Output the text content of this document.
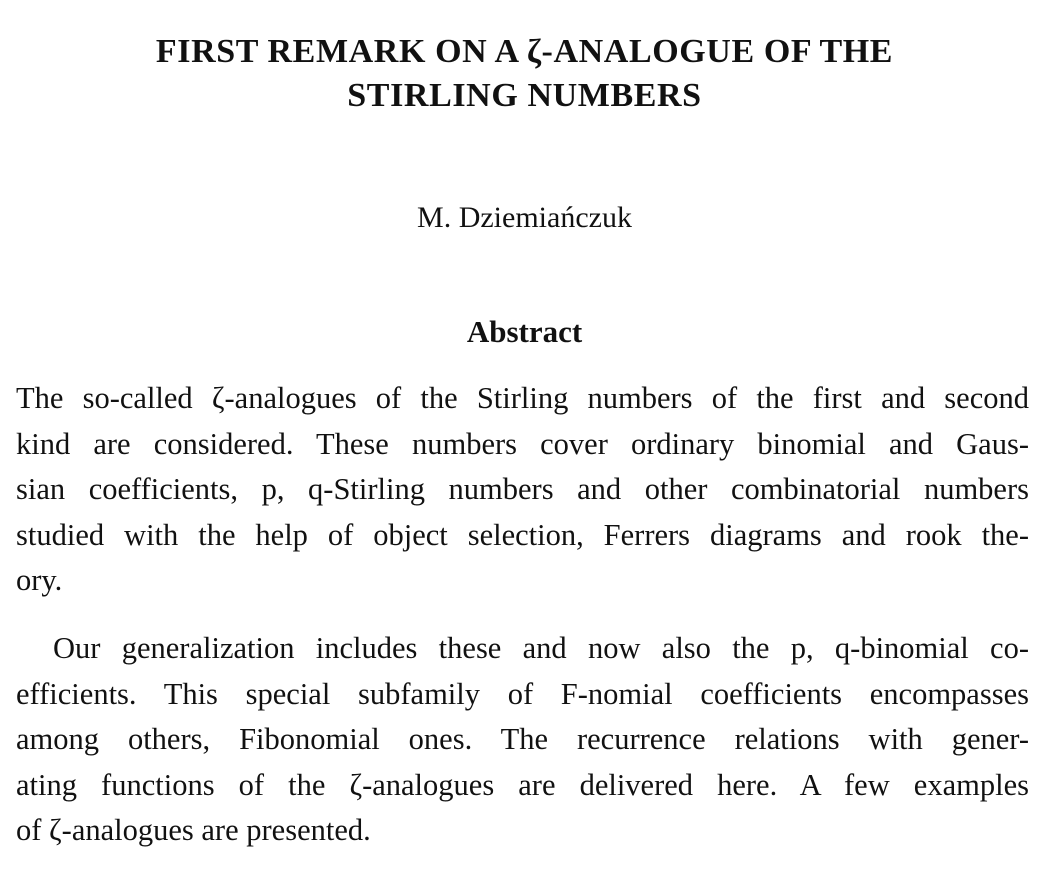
FIRST REMARK ON A ζ-ANALOGUE OF THE
STIRLING NUMBERS

M. Dziemiańczuk

Abstract
The so-called ζ-analogues of the Stirling numbers of the first and second
kind are considered. These numbers cover ordinary binomial and Gaus-
sian coefficients, p, q-Stirling numbers and other combinatorial numbers
studied with the help of object selection, Ferrers diagrams and rook the-
ory.
Our generalization includes these and now also the p, q-binomial co-
efficients. This special subfamily of F-nomial coefficients encompasses
among others, Fibonomial ones. The recurrence relations with gener-
ating functions of the ζ-analogues are delivered here. A few examples
of ζ-analogues are presented.
